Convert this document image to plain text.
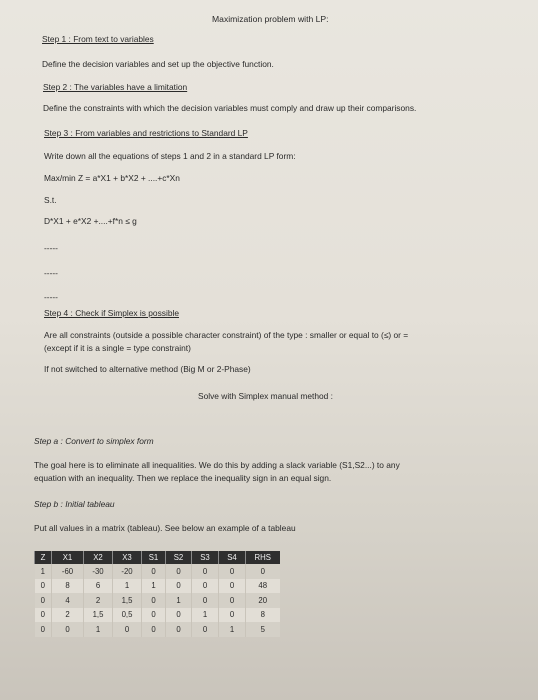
Maximization problem with LP:
Step 1 : From text to variables
Define the decision variables and set up the objective function.
Step 2 : The variables have a limitation
Define the constraints with which the decision variables must comply and draw up their comparisons.
Step 3 : From variables and restrictions to Standard LP
Write down all the equations of steps 1 and 2 in a standard LP form:
Max/min Z = a*X1 + b*X2 + ....+c*Xn
S.t.
D*X1 + e*X2 +....+f*n ≤ g
-----
-----
-----
Step 4 : Check if Simplex is possible
Are all constraints (outside a possible character constraint) of the type : smaller or equal to (≤) or =
(except if it is a single = type constraint)
If not switched to alternative method (Big M or 2-Phase)
Solve with Simplex manual method :
Step a : Convert to simplex form
The goal here is to eliminate all inequalities. We do this by adding a slack variable (S1,S2...) to any
equation with an inequality. Then we replace the inequality sign in an equal sign.
Step b : Initial tableau
Put all values in a matrix (tableau). See below an example of a tableau
Z	X1	X2	X3	S1	S2	S3	S4	RHS
1	-60	-30	-20	0	0	0	0	0
0	8	6	1	1	0	0	0	48
0	4	2	1,5	0	1	0	0	20
0	2	1,5	0,5	0	0	1	0	8
0	0	1	0	0	0	0	1	5
